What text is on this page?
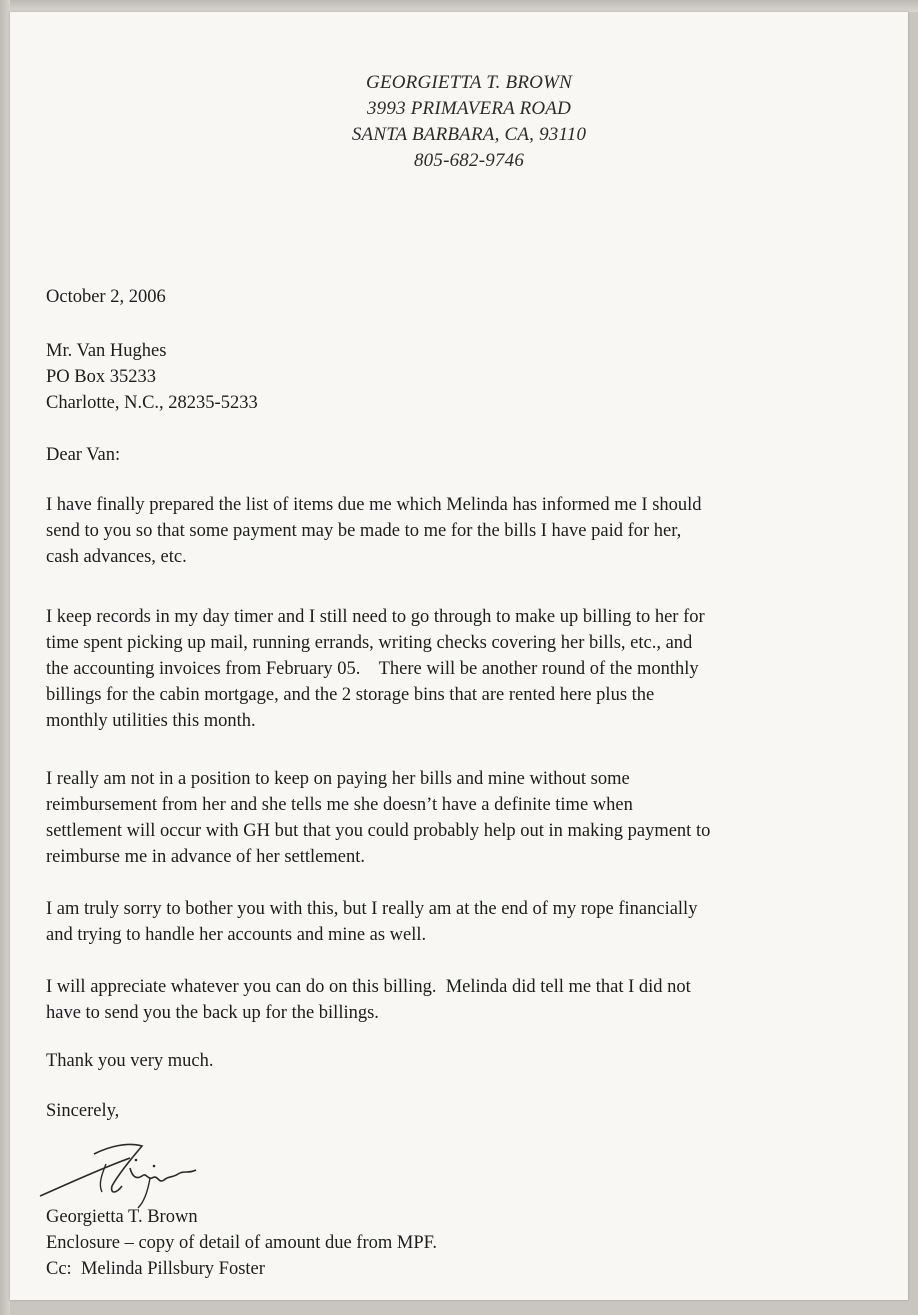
GEORGIETTA T. BROWN
3993 PRIMAVERA ROAD
SANTA BARBARA, CA, 93110
805-682-9746
October 2, 2006
Mr. Van Hughes
PO Box 35233
Charlotte, N.C., 28235-5233
Dear Van:
I have finally prepared the list of items due me which Melinda has informed me I should
send to you so that some payment may be made to me for the bills I have paid for her,
cash advances, etc.
I keep records in my day timer and I still need to go through to make up billing to her for
time spent picking up mail, running errands, writing checks covering her bills, etc., and
the accounting invoices from February 05.    There will be another round of the monthly
billings for the cabin mortgage, and the 2 storage bins that are rented here plus the
monthly utilities this month.
I really am not in a position to keep on paying her bills and mine without some
reimbursement from her and she tells me she doesn’t have a definite time when
settlement will occur with GH but that you could probably help out in making payment to
reimburse me in advance of her settlement.
I am truly sorry to bother you with this, but I really am at the end of my rope financially
and trying to handle her accounts and mine as well.
I will appreciate whatever you can do on this billing.  Melinda did tell me that I did not
have to send you the back up for the billings.
Thank you very much.
Sincerely,
Georgietta T. Brown
Enclosure – copy of detail of amount due from MPF.
Cc:  Melinda Pillsbury Foster
